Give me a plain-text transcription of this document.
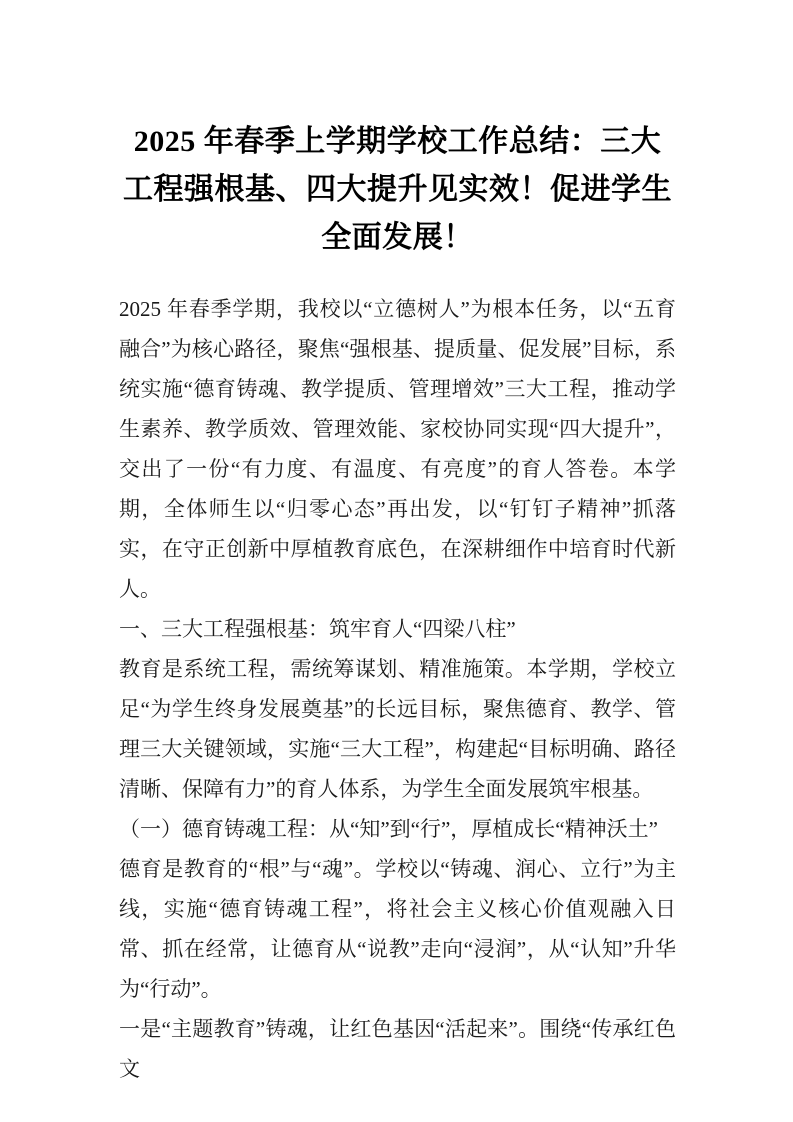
2025 年春季上学期学校工作总结：三大工程强根基、四大提升见实效！促进学生全面发展！

2025 年春季学期，我校以“立德树人”为根本任务，以“五育融合”为核心路径，聚焦“强根基、提质量、促发展”目标，系统实施“德育铸魂、教学提质、管理增效”三大工程，推动学生素养、教学质效、管理效能、家校协同实现“四大提升”，交出了一份“有力度、有温度、有亮度”的育人答卷。本学期，全体师生以“归零心态”再出发，以“钉钉子精神”抓落实，在守正创新中厚植教育底色，在深耕细作中培育时代新人。

一、三大工程强根基：筑牢育人“四梁八柱”

教育是系统工程，需统筹谋划、精准施策。本学期，学校立足“为学生终身发展奠基”的长远目标，聚焦德育、教学、管理三大关键领域，实施“三大工程”，构建起“目标明确、路径清晰、保障有力”的育人体系，为学生全面发展筑牢根基。

（一）德育铸魂工程：从“知”到“行”，厚植成长“精神沃土”

德育是教育的“根”与“魂”。学校以“铸魂、润心、立行”为主线，实施“德育铸魂工程”，将社会主义核心价值观融入日常、抓在经常，让德育从“说教”走向“浸润”，从“认知”升华为“行动”。

一是“主题教育”铸魂，让红色基因“活起来”。围绕“传承红色文
